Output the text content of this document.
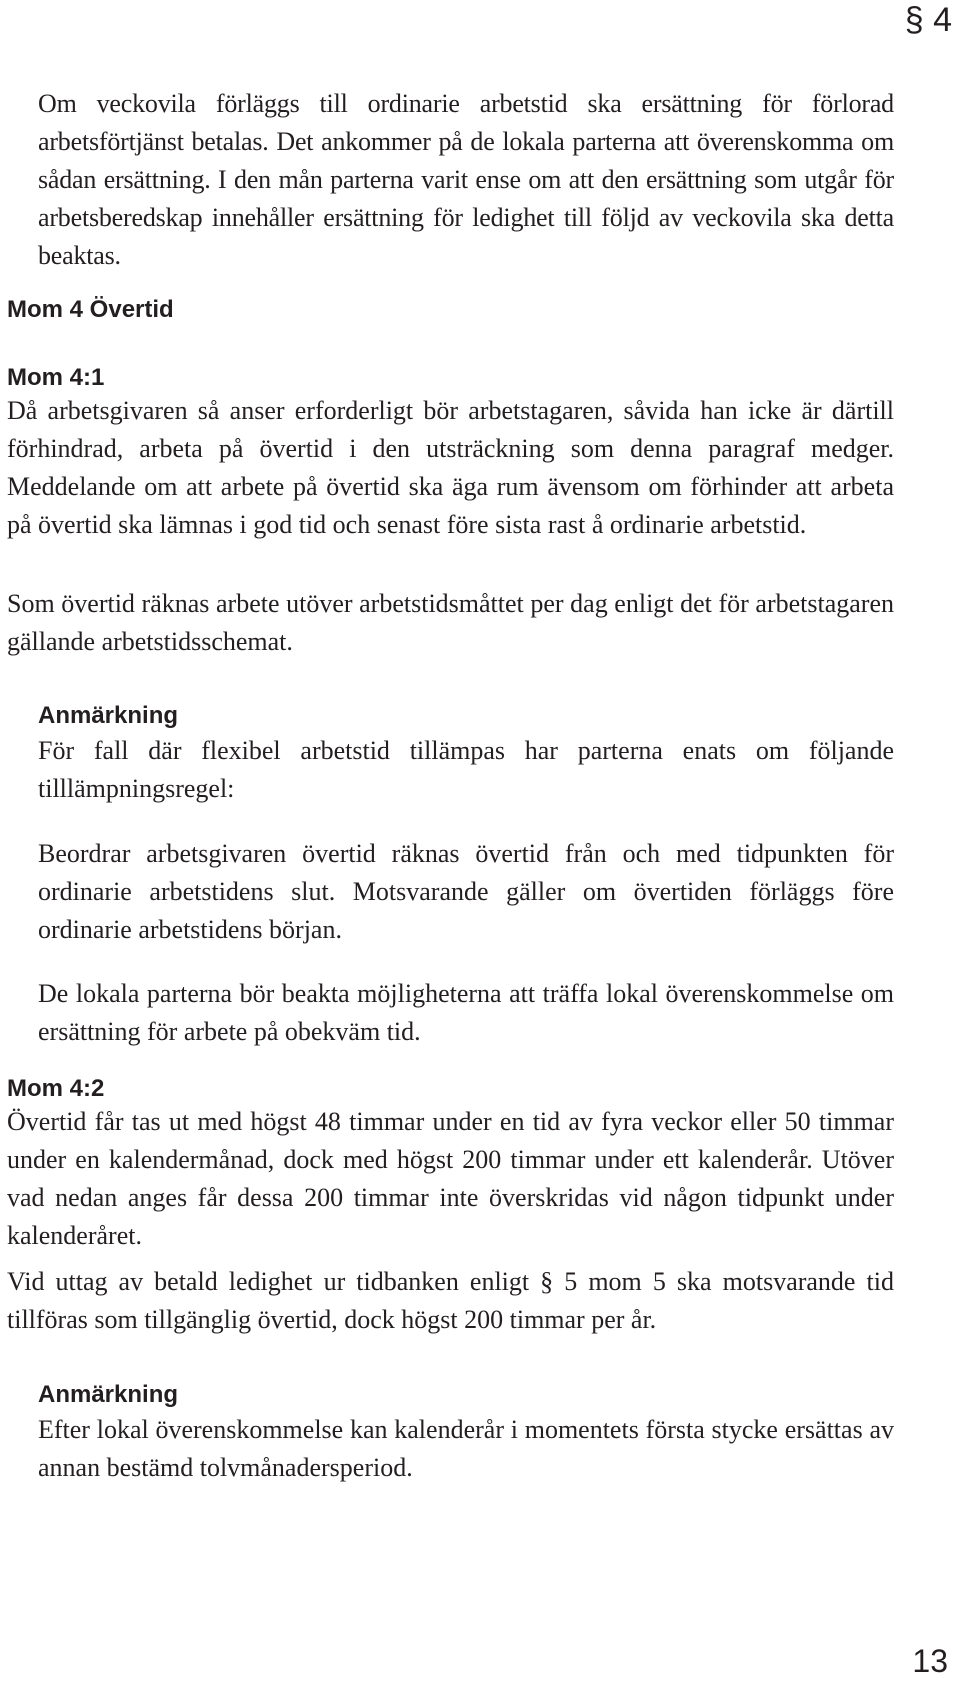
§ 4

Om veckovila förläggs till ordinarie arbetstid ska ersättning för förlorad arbetsförtjänst betalas. Det ankommer på de lokala parterna att överenskomma om sådan ersättning. I den mån parterna varit ense om att den ersättning som utgår för arbetsberedskap innehåller ersättning för ledighet till följd av veckovila ska detta beaktas.

Mom 4 Övertid
Mom 4:1

Då arbetsgivaren så anser erforderligt bör arbetstagaren, såvida han icke är därtill förhindrad, arbeta på övertid i den utsträckning som denna paragraf medger. Meddelande om att arbete på övertid ska äga rum ävensom om förhinder att arbeta på övertid ska lämnas i god tid och senast före sista rast å ordinarie arbetstid.

Som övertid räknas arbete utöver arbetstidsmåttet per dag enligt det för arbetstagaren gällande arbetstidsschemat.

Anmärkning

För fall där flexibel arbetstid tillämpas har parterna enats om följande tilllämpningsregel:

Beordrar arbetsgivaren övertid räknas övertid från och med tidpunkten för ordinarie arbetstidens slut. Motsvarande gäller om övertiden förläggs före ordinarie arbetstidens början.

De lokala parterna bör beakta möjligheterna att träffa lokal överenskommelse om ersättning för arbete på obekväm tid.

Mom 4:2

Övertid får tas ut med högst 48 timmar under en tid av fyra veckor eller 50 timmar under en kalendermånad, dock med högst 200 timmar under ett kalenderår. Utöver vad nedan anges får dessa 200 timmar inte överskridas vid någon tidpunkt under kalenderåret.

Vid uttag av betald ledighet ur tidbanken enligt § 5 mom 5 ska motsvarande tid tillföras som tillgänglig övertid, dock högst 200 timmar per år.

Anmärkning

Efter lokal överenskommelse kan kalenderår i momentets första stycke ersättas av annan bestämd tolvmånadersperiod.

13
